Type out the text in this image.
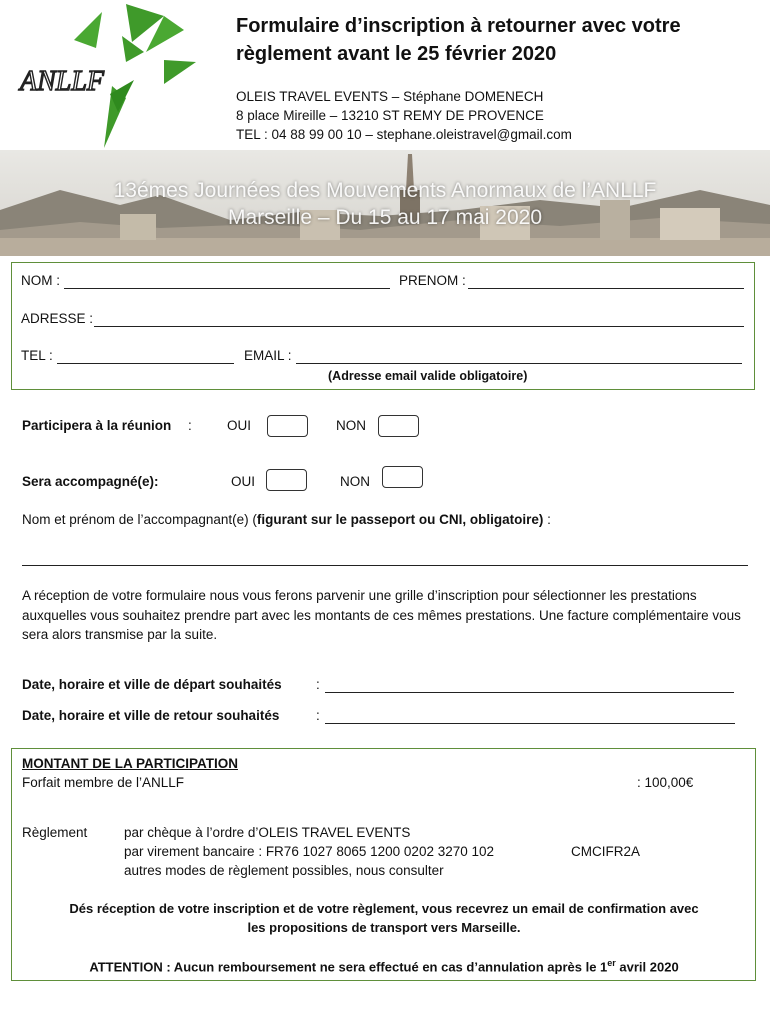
ANLLF
Formulaire d’inscription à retourner avec votre
règlement avant le 25 février 2020
OLEIS TRAVEL EVENTS – Stéphane DOMENECH
8 place Mireille – 13210 ST REMY DE PROVENCE
TEL : 04 88 99 00 10 – stephane.oleistravel@gmail.com
13émes Journées des Mouvements Anormaux de l’ANLLF
Marseille – Du 15 au 17 mai 2020
NOM :	PRENOM :
ADRESSE :
TEL :	EMAIL :
(Adresse email valide obligatoire)
Participera à la réunion :	OUI	NON
Sera accompagné(e):	OUI	NON
Nom et prénom de l’accompagnant(e) (figurant sur le passeport ou CNI, obligatoire) :
A réception de votre formulaire nous vous ferons parvenir une grille d’inscription pour sélectionner les prestations auxquelles vous souhaitez prendre part avec les montants de ces mêmes prestations. Une facture complémentaire vous sera alors transmise par la suite.
Date, horaire et ville de départ souhaités	:
Date, horaire et ville de retour souhaités	:
MONTANT DE LA PARTICIPATION
Forfait membre de l’ANLLF	: 100,00€
Règlement	par chèque à l’ordre d’OLEIS TRAVEL EVENTS
par virement bancaire : FR76 1027 8065 1200 0202 3270 102	CMCIFR2A
autres modes de règlement possibles, nous consulter
Dés réception de votre inscription et de votre règlement, vous recevrez un email de confirmation avec
les propositions de transport vers Marseille.
ATTENTION : Aucun remboursement ne sera effectué en cas d’annulation après le 1er avril 2020
